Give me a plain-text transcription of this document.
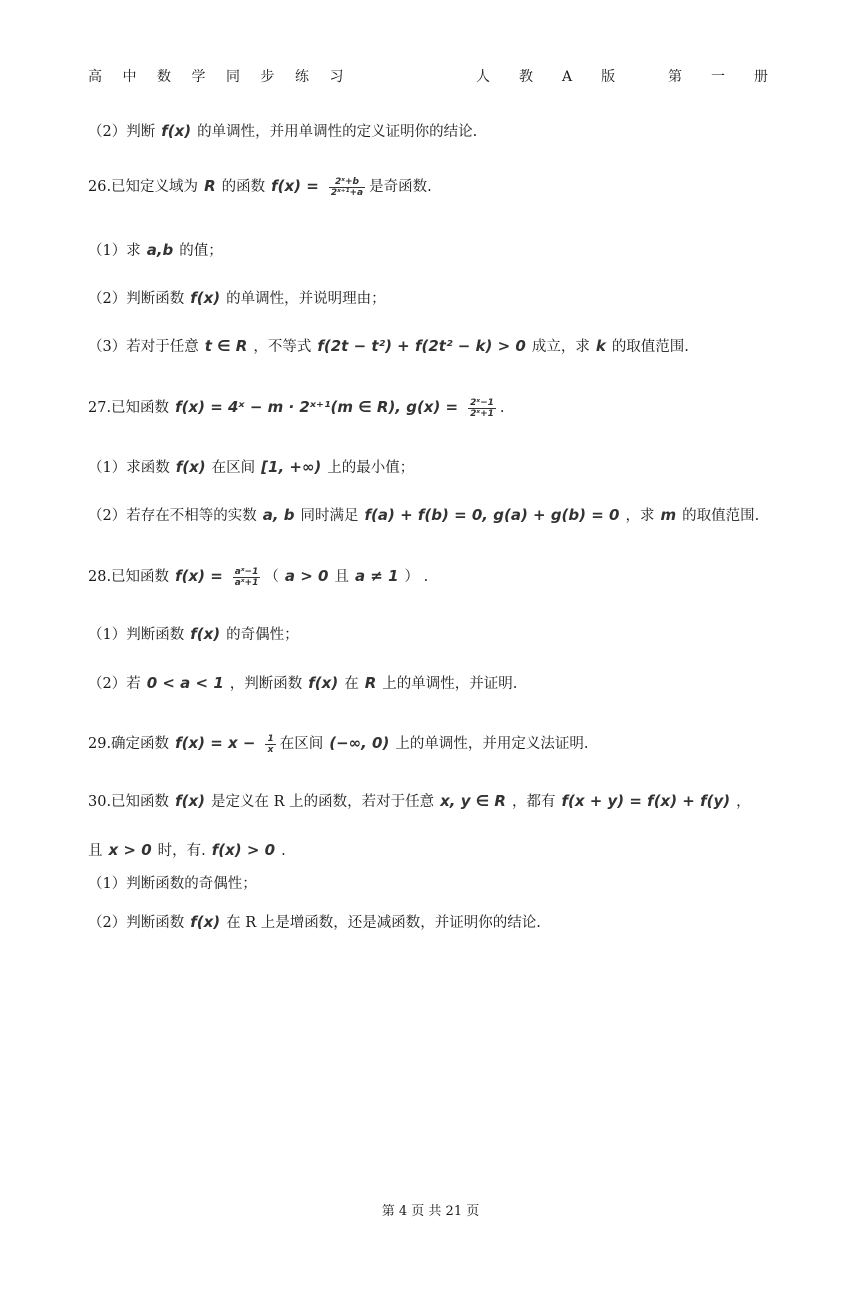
高中数学同步练习	人教A版 第一册
（2）判断 f(x) 的单调性，并用单调性的定义证明你的结论.
26.已知定义域为 R 的函数 $f(x) = \frac{\text{2ˣ+b}}{\text{2ˣ⁺¹+a}}$ 是奇函数.
（1）求 a,b 的值；
（2）判断函数 f(x) 的单调性，并说明理由；
（3）若对于任意 t ∈ R ，不等式 f(2t − t²) + f(2t² − k) > 0 成立，求 k 的取值范围.
27.已知函数 f(x) = 4ˣ − m · 2ˣ⁺¹(m ∈ R), $g(x) = \frac{\text{2ˣ−1}}{\text{2ˣ+1}}$ .
（1）求函数 f(x) 在区间 [1, +∞) 上的最小值；
（2）若存在不相等的实数 a, b 同时满足 f(a) + f(b) = 0, g(a) + g(b) = 0 ，求 m 的取值范围.
28.已知函数 $f(x) = \frac{\text{aˣ−1}}{\text{aˣ+1}}$ （ a > 0 且 a ≠ 1 ） .
（1）判断函数 f(x) 的奇偶性；
（2）若 0 < a < 1 ，判断函数 f(x) 在 R 上的单调性，并证明.
29.确定函数 $f(x) = x - \frac{1}{x}$ 在区间 (−∞, 0) 上的单调性，并用定义法证明.
30.已知函数 f(x) 是定义在 R 上的函数，若对于任意 x, y ∈ R ，都有 f(x + y) = f(x) + f(y) ，
且 x > 0 时，有. f(x) > 0 .
（1）判断函数的奇偶性；
（2）判断函数 f(x) 在 R 上是增函数，还是减函数，并证明你的结论.
第 4 页 共 21 页
